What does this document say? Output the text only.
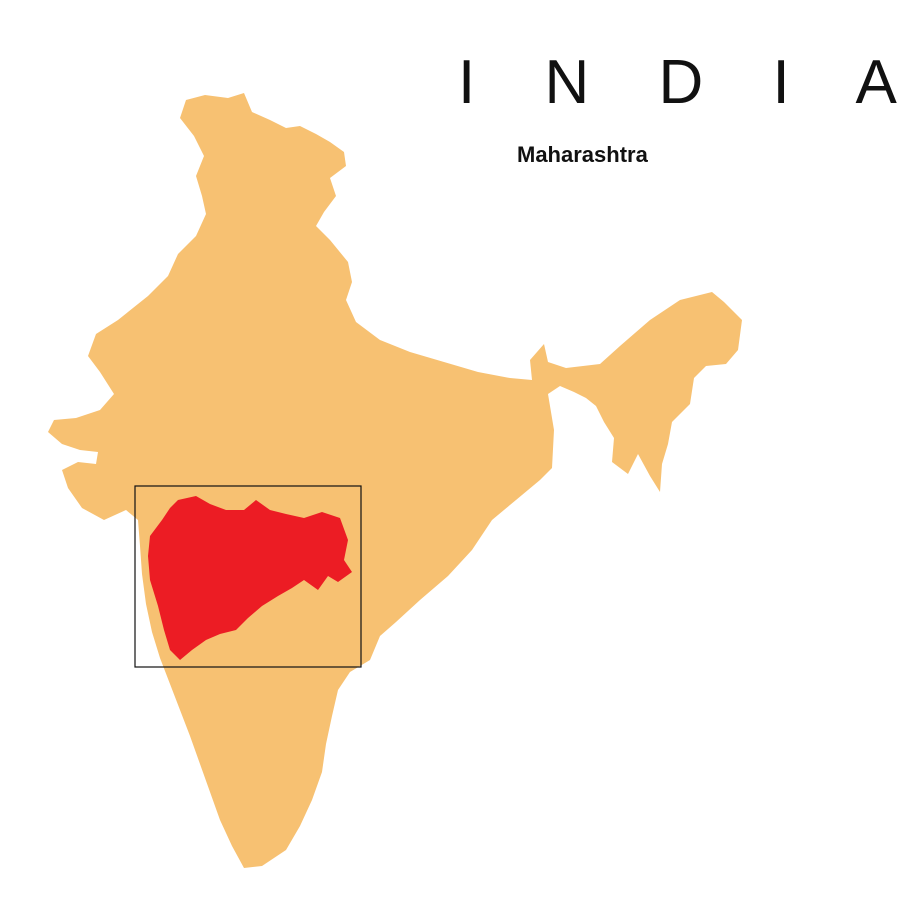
I N D I A
Maharashtra
